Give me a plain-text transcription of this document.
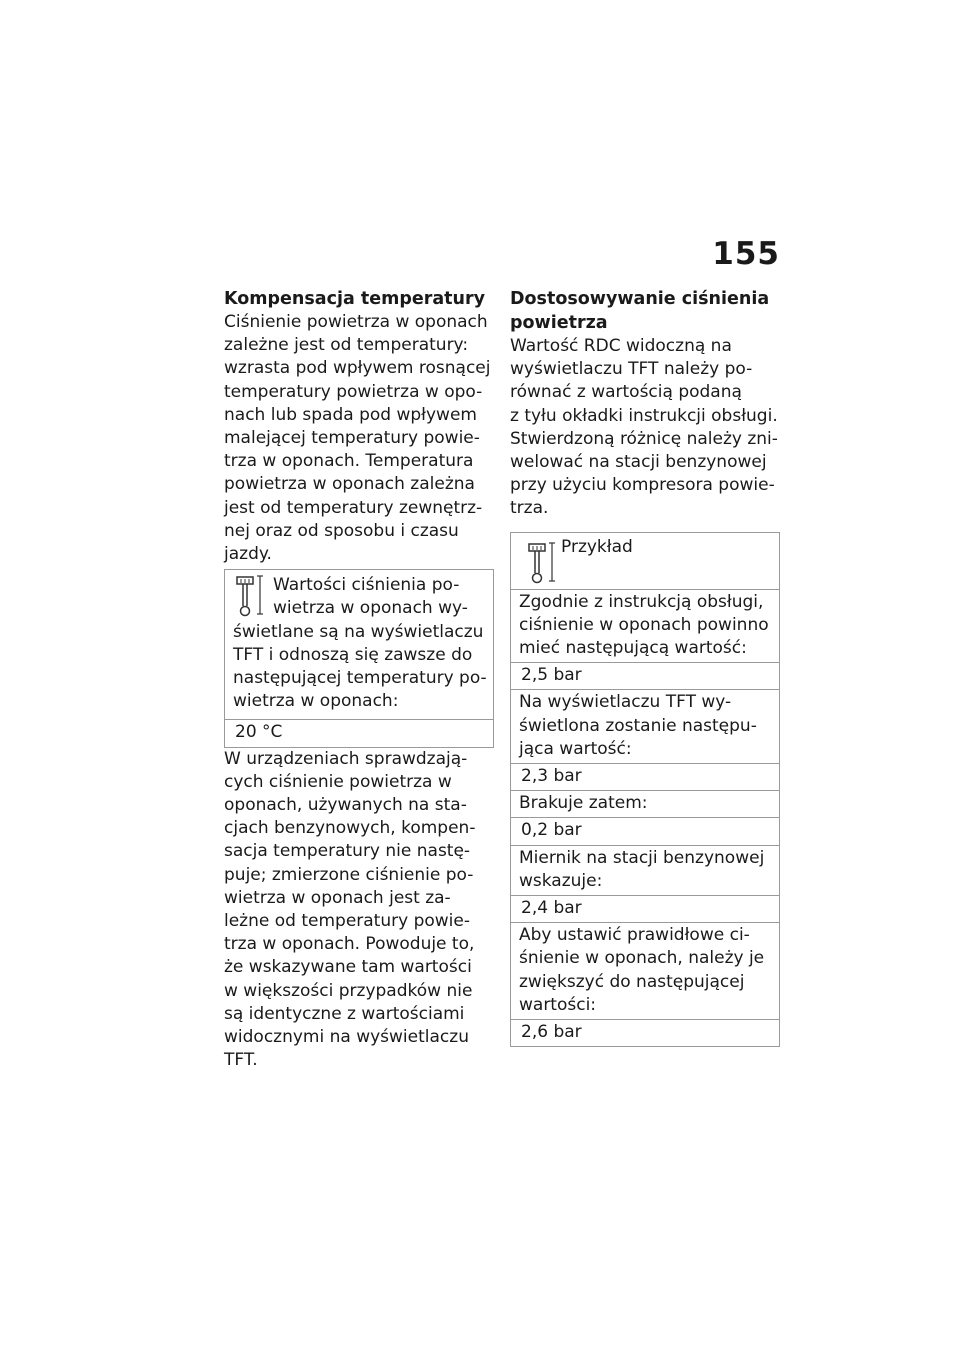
155

Kompensacja temperatury

Ciśnienie powietrza w oponach
zależne jest od temperatury:
wzrasta pod wpływem rosnącej
temperatury powietrza w opo-
nach lub spada pod wpływem
malejącej temperatury powie-
trza w oponach. Temperatura
powietrza w oponach zależna
jest od temperatury zewnętrz-
nej oraz od sposobu i czasu
jazdy.

Wartości ciśnienia po-
wietrza w oponach wy-
świetlane są na wyświetlaczu
TFT i odnoszą się zawsze do
następującej temperatury po-
wietrza w oponach:

20 °C

W urządzeniach sprawdzają-
cych ciśnienie powietrza w
oponach, używanych na sta-
cjach benzynowych, kompen-
sacja temperatury nie nastę-
puje; zmierzone ciśnienie po-
wietrza w oponach jest za-
leżne od temperatury powie-
trza w oponach. Powoduje to,
że wskazywane tam wartości
w większości przypadków nie
są identyczne z wartościami
widocznymi na wyświetlaczu
TFT.

Dostosowywanie ciśnienia
powietrza

Wartość RDC widoczną na
wyświetlaczu TFT należy po-
równać z wartością podaną
z tyłu okładki instrukcji obsługi.
Stwierdzoną różnicę należy zni-
welować na stacji benzynowej
przy użyciu kompresora powie-
trza.

Przykład
Zgodnie z instrukcją obsługi,
ciśnienie w oponach powinno
mieć następującą wartość:
2,5 bar
Na wyświetlaczu TFT wy-
świetlona zostanie następu-
jąca wartość:
2,3 bar
Brakuje zatem:
0,2 bar
Miernik na stacji benzynowej
wskazuje:
2,4 bar
Aby ustawić prawidłowe ci-
śnienie w oponach, należy je
zwiększyć do następującej
wartości:
2,6 bar
